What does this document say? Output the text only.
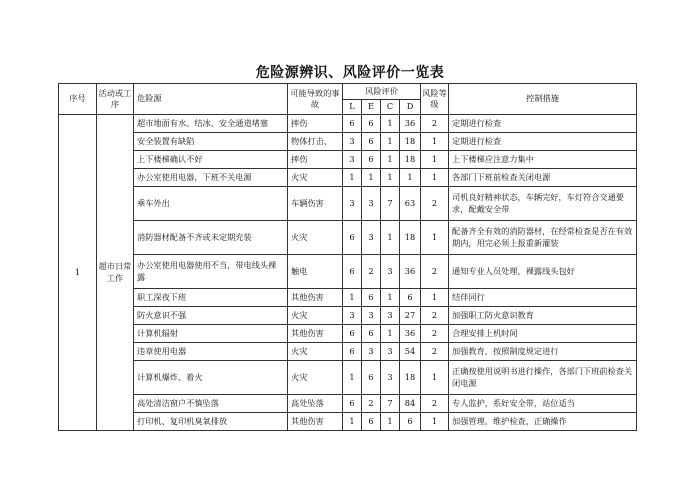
危险源辨识、风险评价一览表
序号	活动或工序	危险源	可能导致的事故	风险评价				风险等级	控制措施
				L	E	C	D		
1	超市日常工作	超市地面有水、结冰、安全通道堵塞	摔伤	6	6	1	36	2	定期进行检查
		安全装置有缺陷	物体打击、	3	6	1	18	1	定期进行检查
		上下楼梯确认不好	摔伤	3	6	1	18	1	上下楼梯应注意力集中
		办公室使用电器，下班不关电源	火灾	1	1	1	1	1	各部门下班前检查关闭电源
		乘车外出	车辆伤害	3	3	7	63	2	司机良好精神状态，车辆完好，车灯符合交通要求，配戴安全带
		消防器材配备不齐或未定期充装	火灾	6	3	1	18	1	配备齐全有效的消防器材，在经常检查是否在有效期内，用完必须上报重新灌装
		办公室使用电器使用不当，带电线头裸露	触电	6	2	3	36	2	通知专业人员处理，裸露线头包好
		职工深夜下班	其他伤害	1	6	1	6	1	结伴同行
		防火意识不强	火灾	3	3	3	27	2	加强职工防火意识教育
		计算机辐射	其他伤害	6	6	1	36	2	合理安排上机时间
		违章使用电器	火灾	6	3	3	54	2	加强教育，按照制度规定进行
		计算机爆炸、着火	火灾	1	6	3	18	1	正确按使用说明书进行操作，各部门下班前检查关闭电源
		高处清洁窗户不慎坠落	高处坠落	6	2	7	84	2	专人监护，系好安全带，站位适当
		打印机、复印机臭氧排放	其他伤害	1	6	1	6	1	加强管理，维护检查，正确操作
